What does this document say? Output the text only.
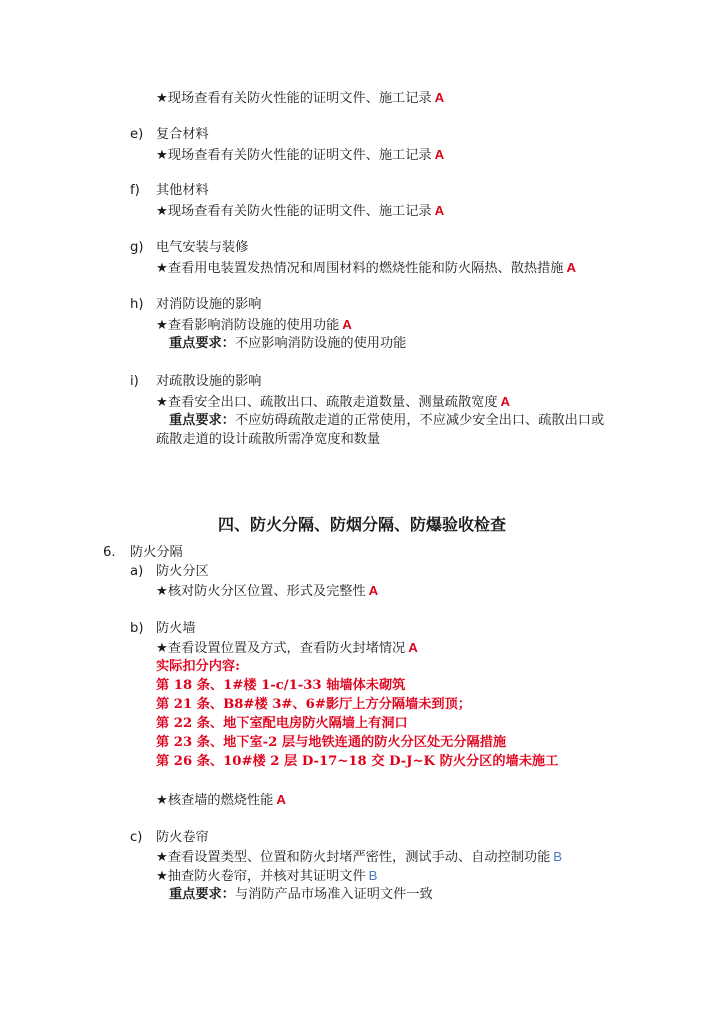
★现场查看有关防火性能的证明文件、施工记录 A
e) 复合材料
★现场查看有关防火性能的证明文件、施工记录 A
f) 其他材料
★现场查看有关防火性能的证明文件、施工记录 A
g) 电气安装与装修
★查看用电装置发热情况和周围材料的燃烧性能和防火隔热、散热措施 A
h) 对消防设施的影响
★查看影响消防设施的使用功能 A
重点要求：不应影响消防设施的使用功能
i) 对疏散设施的影响
★查看安全出口、疏散出口、疏散走道数量、测量疏散宽度 A
重点要求：不应妨碍疏散走道的正常使用，不应减少安全出口、疏散出口或
疏散走道的设计疏散所需净宽度和数量
四、防火分隔、防烟分隔、防爆验收检查
6. 防火分隔
a) 防火分区
★核对防火分区位置、形式及完整性 A
b) 防火墙
★查看设置位置及方式，查看防火封堵情况 A
实际扣分内容:
第 18 条、1#楼 1-c/1-33 轴墙体未砌筑
第 21 条、B8#楼 3#、6#影厅上方分隔墙未到顶；
第 22 条、地下室配电房防火隔墙上有洞口
第 23 条、地下室-2 层与地铁连通的防火分区处无分隔措施
第 26 条、10#楼 2 层 D-17~18 交 D-J~K 防火分区的墙未施工
★核查墙的燃烧性能 A
c) 防火卷帘
★查看设置类型、位置和防火封堵严密性，测试手动、自动控制功能 B
★抽查防火卷帘，并核对其证明文件 B
重点要求：与消防产品市场准入证明文件一致
